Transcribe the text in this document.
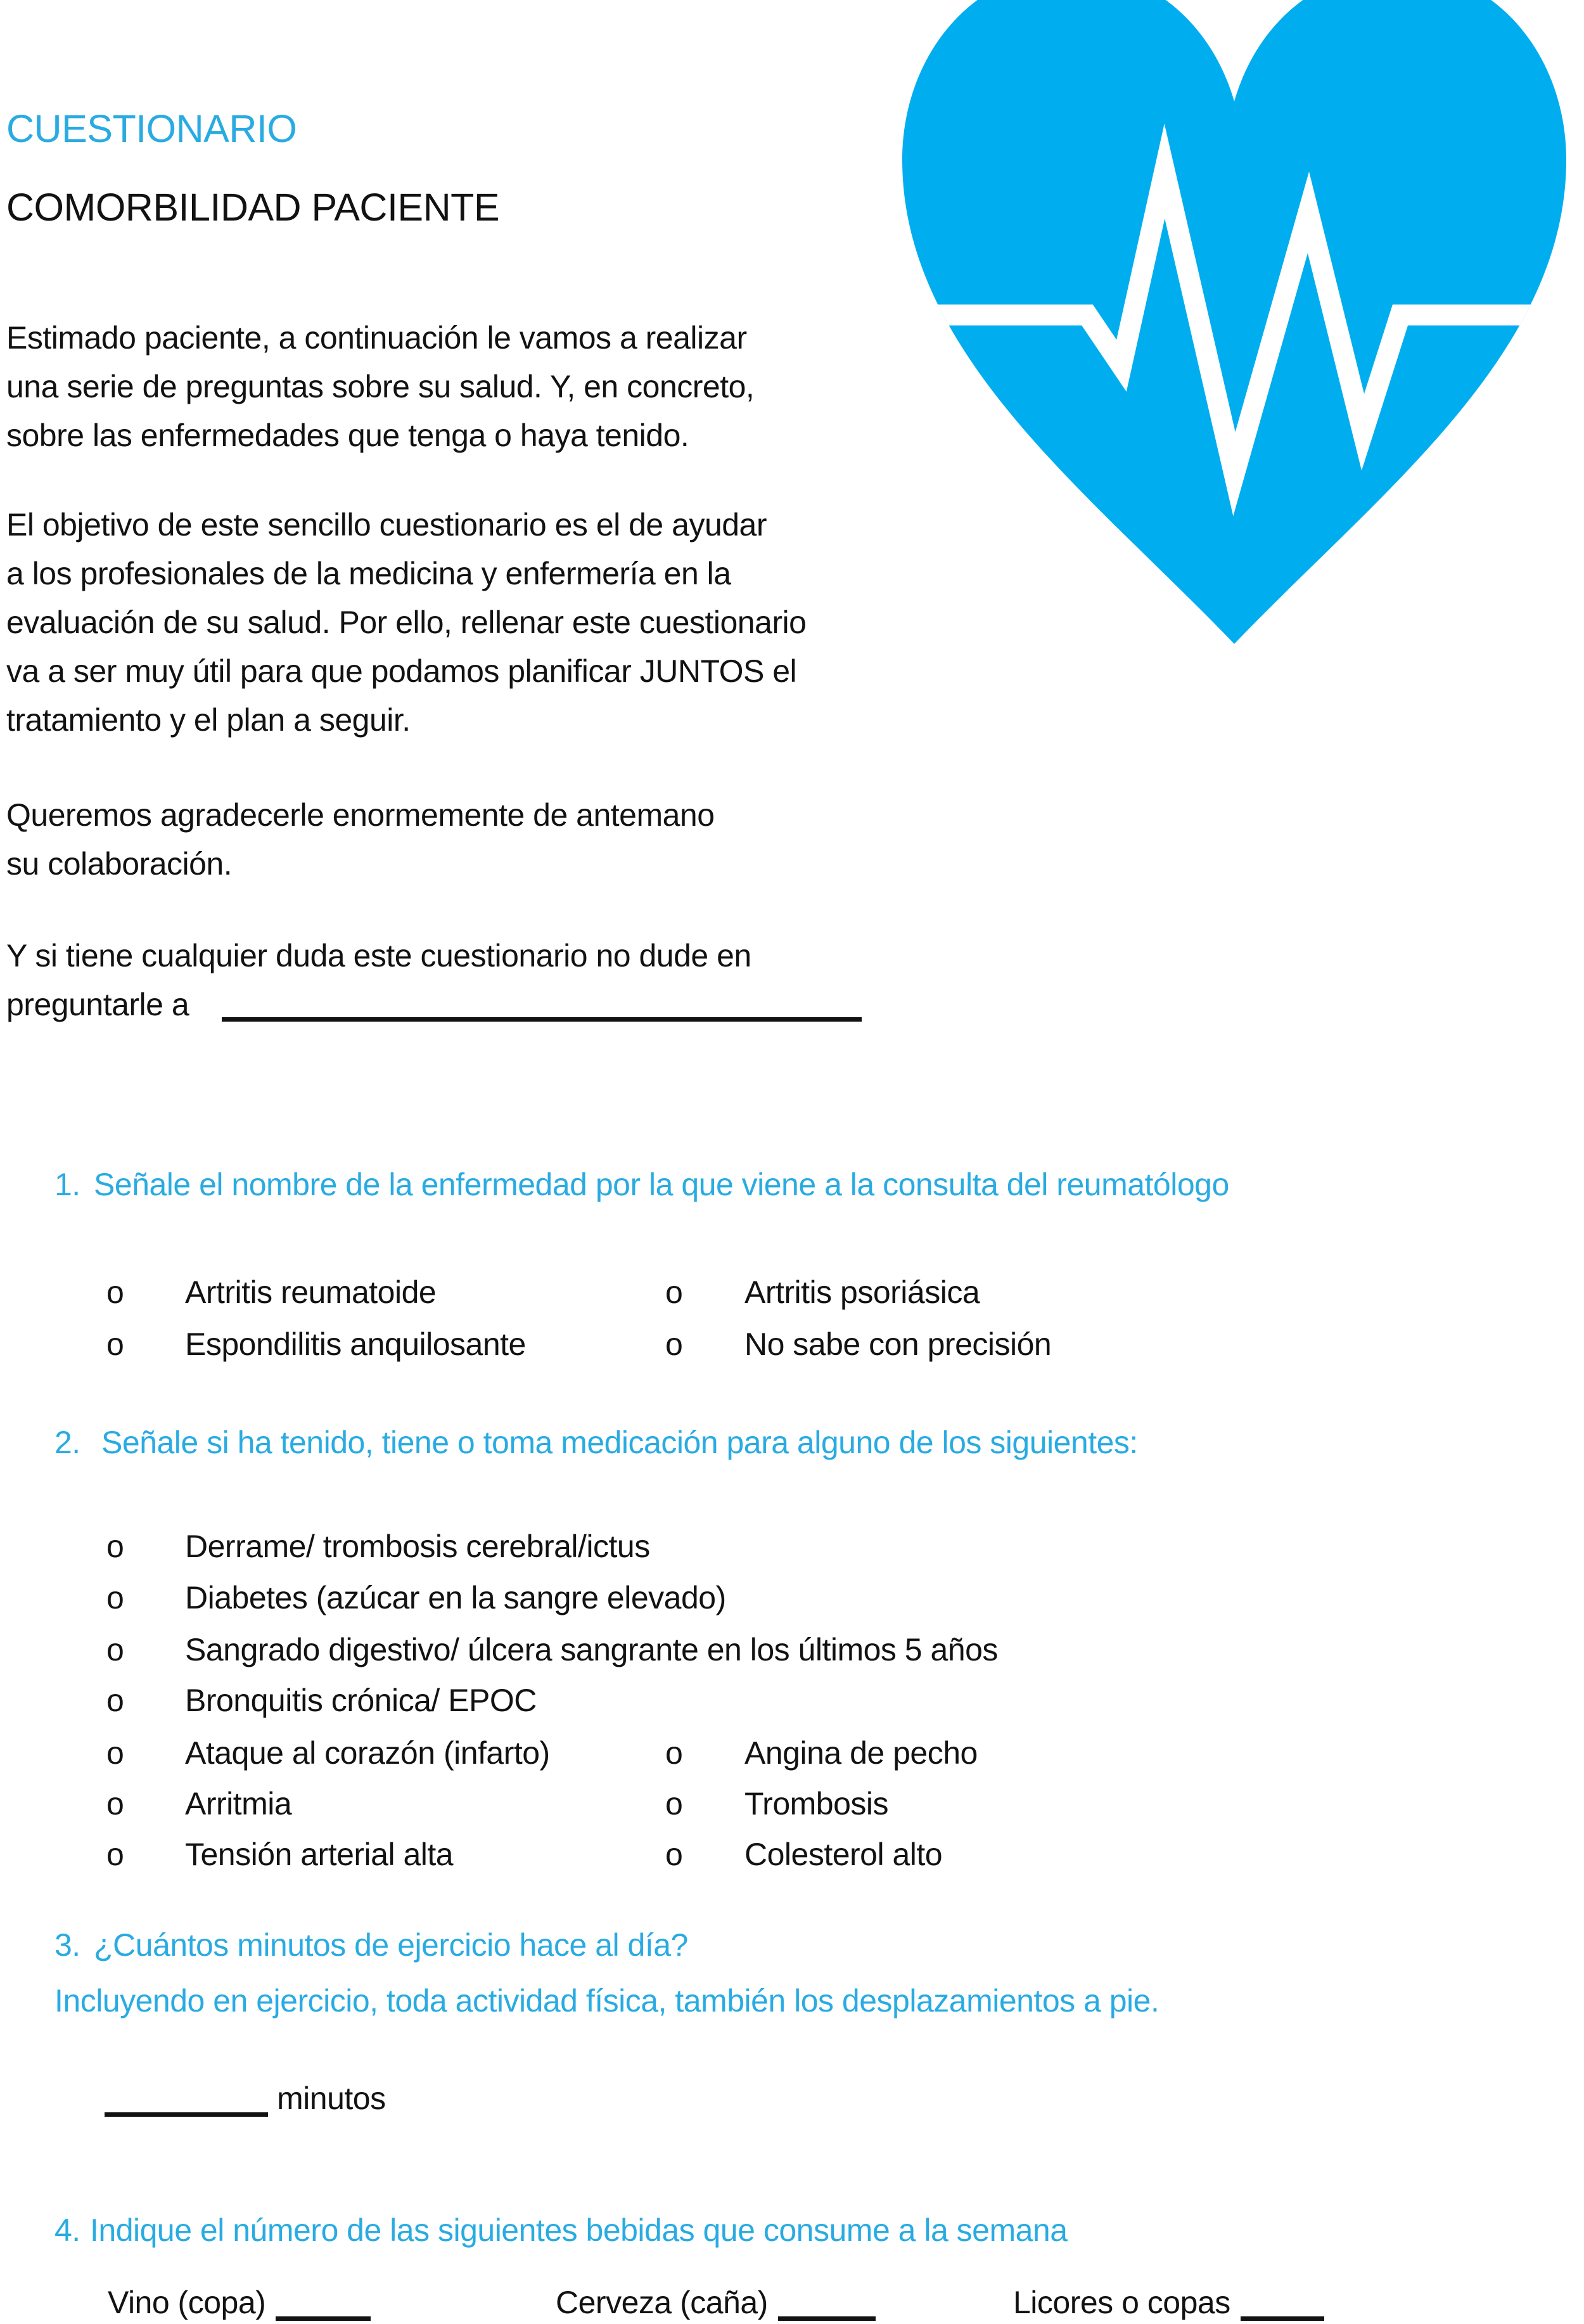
CUESTIONARIO
COMORBILIDAD PACIENTE
Estimado paciente, a continuación le vamos a realizar
una serie de preguntas sobre su salud. Y, en concreto,
sobre las enfermedades que tenga o haya tenido.
El objetivo de este sencillo cuestionario es el de ayudar
a los profesionales de la medicina y enfermería en la
evaluación de su salud. Por ello, rellenar este cuestionario
va a ser muy útil para que podamos planificar JUNTOS el
tratamiento y el plan a seguir.
Queremos agradecerle enormemente de antemano
su colaboración.
Y si tiene cualquier duda este cuestionario no dude en
preguntarle a
1. Señale el nombre de la enfermedad por la que viene a la consulta del reumatólogo
o Artritis reumatoide	o Artritis psoriásica
o Espondilitis anquilosante	o No sabe con precisión
2. Señale si ha tenido, tiene o toma medicación para alguno de los siguientes:
o Derrame/ trombosis cerebral/ictus
o Diabetes (azúcar en la sangre elevado)
o Sangrado digestivo/ úlcera sangrante en los últimos 5 años
o Bronquitis crónica/ EPOC
o Ataque al corazón (infarto)	o Angina de pecho
o Arritmia	o Trombosis
o Tensión arterial alta	o Colesterol alto
3. ¿Cuántos minutos de ejercicio hace al día?
Incluyendo en ejercicio, toda actividad física, también los desplazamientos a pie.
minutos
4. Indique el número de las siguientes bebidas que consume a la semana
Vino (copa)	Cerveza (caña)	Licores o copas
